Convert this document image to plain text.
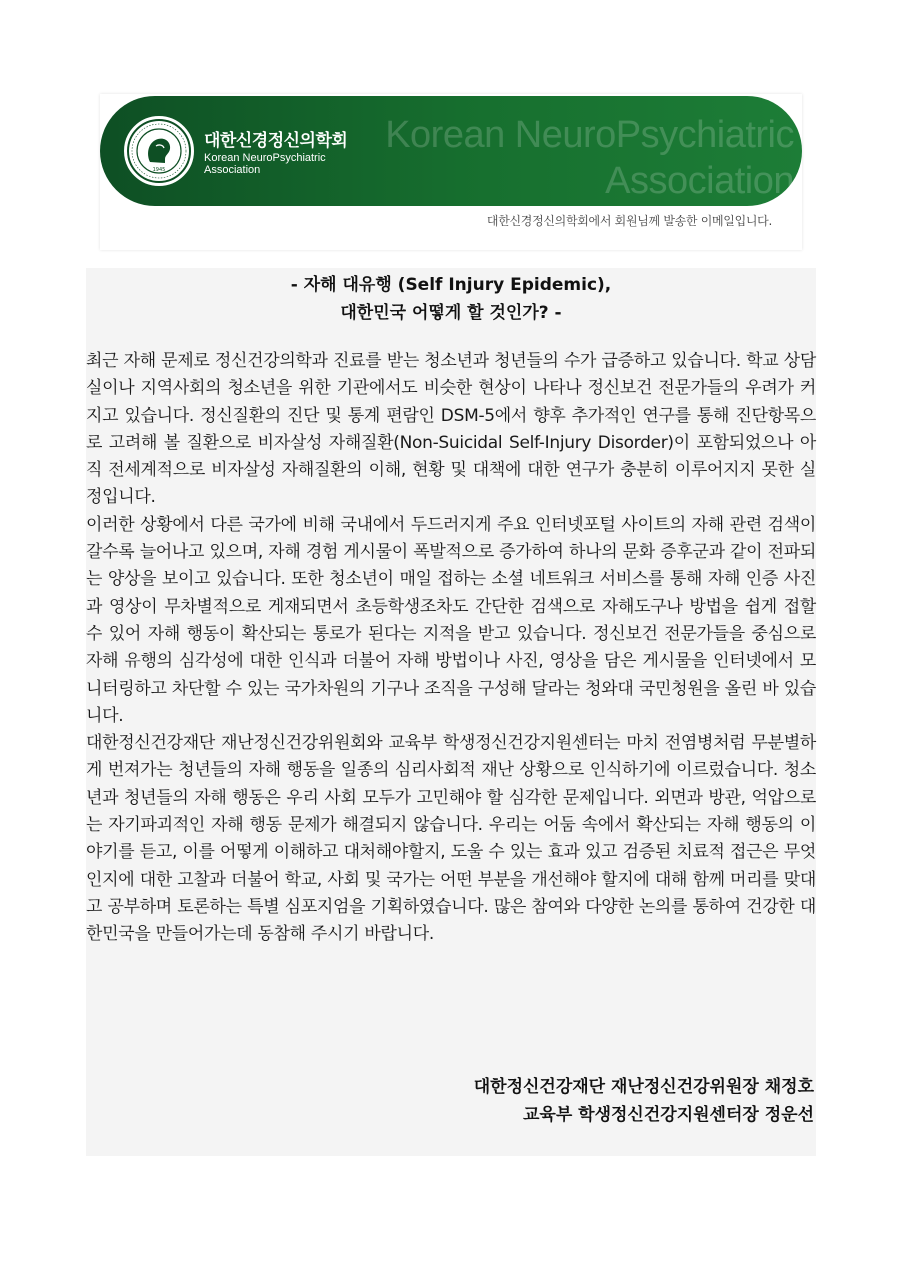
Korean NeuroPsychiatric Association
1945
대한신경정신의학회
Korean NeuroPsychiatric Association
대한신경정신의학회에서 회원님께 발송한 이메일입니다.
- 자해 대유행 (Self Injury Epidemic),
대한민국 어떻게 할 것인가? -

최근 자해 문제로 정신건강의학과 진료를 받는 청소년과 청년들의 수가 급증하고 있습니다. 학교 상담실이나 지역사회의 청소년을 위한 기관에서도 비슷한 현상이 나타나 정신보건 전문가들의 우려가 커지고 있습니다. 정신질환의 진단 및 통계 편람인 DSM-5에서 향후 추가적인 연구를 통해 진단항목으로 고려해 볼 질환으로 비자살성 자해질환(Non-Suicidal Self-Injury Disorder)이 포함되었으나 아직 전세계적으로 비자살성 자해질환의 이해, 현황 및 대책에 대한 연구가 충분히 이루어지지 못한 실정입니다.

이러한 상황에서 다른 국가에 비해 국내에서 두드러지게 주요 인터넷포털 사이트의 자해 관련 검색이 갈수록 늘어나고 있으며, 자해 경험 게시물이 폭발적으로 증가하여 하나의 문화 증후군과 같이 전파되는 양상을 보이고 있습니다. 또한 청소년이 매일 접하는 소셜 네트워크 서비스를 통해 자해 인증 사진과 영상이 무차별적으로 게재되면서 초등학생조차도 간단한 검색으로 자해도구나 방법을 쉽게 접할 수 있어 자해 행동이 확산되는 통로가 된다는 지적을 받고 있습니다. 정신보건 전문가들을 중심으로 자해 유행의 심각성에 대한 인식과 더불어 자해 방법이나 사진, 영상을 담은 게시물을 인터넷에서 모니터링하고 차단할 수 있는 국가차원의 기구나 조직을 구성해 달라는 청와대 국민청원을 올린 바 있습니다.

대한정신건강재단 재난정신건강위원회와 교육부 학생정신건강지원센터는 마치 전염병처럼 무분별하게 번져가는 청년들의 자해 행동을 일종의 심리사회적 재난 상황으로 인식하기에 이르렀습니다. 청소년과 청년들의 자해 행동은 우리 사회 모두가 고민해야 할 심각한 문제입니다. 외면과 방관, 억압으로는 자기파괴적인 자해 행동 문제가 해결되지 않습니다. 우리는 어둠 속에서 확산되는 자해 행동의 이야기를 듣고, 이를 어떻게 이해하고 대처해야할지, 도울 수 있는 효과 있고 검증된 치료적 접근은 무엇인지에 대한 고찰과 더불어 학교, 사회 및 국가는 어떤 부분을 개선해야 할지에 대해 함께 머리를 맞대고 공부하며 토론하는 특별 심포지엄을 기획하였습니다. 많은 참여와 다양한 논의를 통하여 건강한 대한민국을 만들어가는데 동참해 주시기 바랍니다.

대한정신건강재단 재난정신건강위원장 채정호
교육부 학생정신건강지원센터장 정운선
